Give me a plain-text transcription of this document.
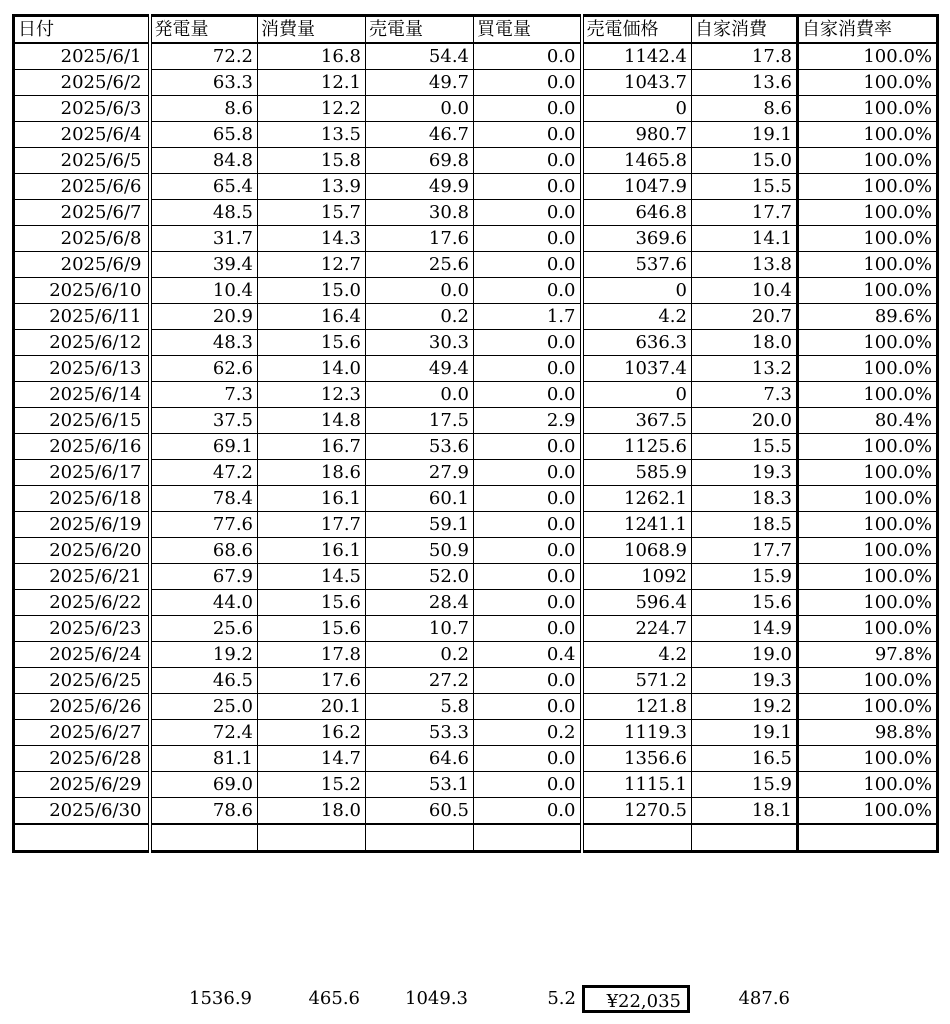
日付	発電量	消費量	売電量	買電量	売電価格	自家消費	自家消費率
2025/6/1	72.2	16.8	54.4	0.0	1142.4	17.8	100.0%
2025/6/2	63.3	12.1	49.7	0.0	1043.7	13.6	100.0%
2025/6/3	8.6	12.2	0.0	0.0	0	8.6	100.0%
2025/6/4	65.8	13.5	46.7	0.0	980.7	19.1	100.0%
2025/6/5	84.8	15.8	69.8	0.0	1465.8	15.0	100.0%
2025/6/6	65.4	13.9	49.9	0.0	1047.9	15.5	100.0%
2025/6/7	48.5	15.7	30.8	0.0	646.8	17.7	100.0%
2025/6/8	31.7	14.3	17.6	0.0	369.6	14.1	100.0%
2025/6/9	39.4	12.7	25.6	0.0	537.6	13.8	100.0%
2025/6/10	10.4	15.0	0.0	0.0	0	10.4	100.0%
2025/6/11	20.9	16.4	0.2	1.7	4.2	20.7	89.6%
2025/6/12	48.3	15.6	30.3	0.0	636.3	18.0	100.0%
2025/6/13	62.6	14.0	49.4	0.0	1037.4	13.2	100.0%
2025/6/14	7.3	12.3	0.0	0.0	0	7.3	100.0%
2025/6/15	37.5	14.8	17.5	2.9	367.5	20.0	80.4%
2025/6/16	69.1	16.7	53.6	0.0	1125.6	15.5	100.0%
2025/6/17	47.2	18.6	27.9	0.0	585.9	19.3	100.0%
2025/6/18	78.4	16.1	60.1	0.0	1262.1	18.3	100.0%
2025/6/19	77.6	17.7	59.1	0.0	1241.1	18.5	100.0%
2025/6/20	68.6	16.1	50.9	0.0	1068.9	17.7	100.0%
2025/6/21	67.9	14.5	52.0	0.0	1092	15.9	100.0%
2025/6/22	44.0	15.6	28.4	0.0	596.4	15.6	100.0%
2025/6/23	25.6	15.6	10.7	0.0	224.7	14.9	100.0%
2025/6/24	19.2	17.8	0.2	0.4	4.2	19.0	97.8%
2025/6/25	46.5	17.6	27.2	0.0	571.2	19.3	100.0%
2025/6/26	25.0	20.1	5.8	0.0	121.8	19.2	100.0%
2025/6/27	72.4	16.2	53.3	0.2	1119.3	19.1	98.8%
2025/6/28	81.1	14.7	64.6	0.0	1356.6	16.5	100.0%
2025/6/29	69.0	15.2	53.1	0.0	1115.1	15.9	100.0%
2025/6/30	78.6	18.0	60.5	0.0	1270.5	18.1	100.0%

1536.9	465.6	1049.3	5.2	¥22,035	487.6
